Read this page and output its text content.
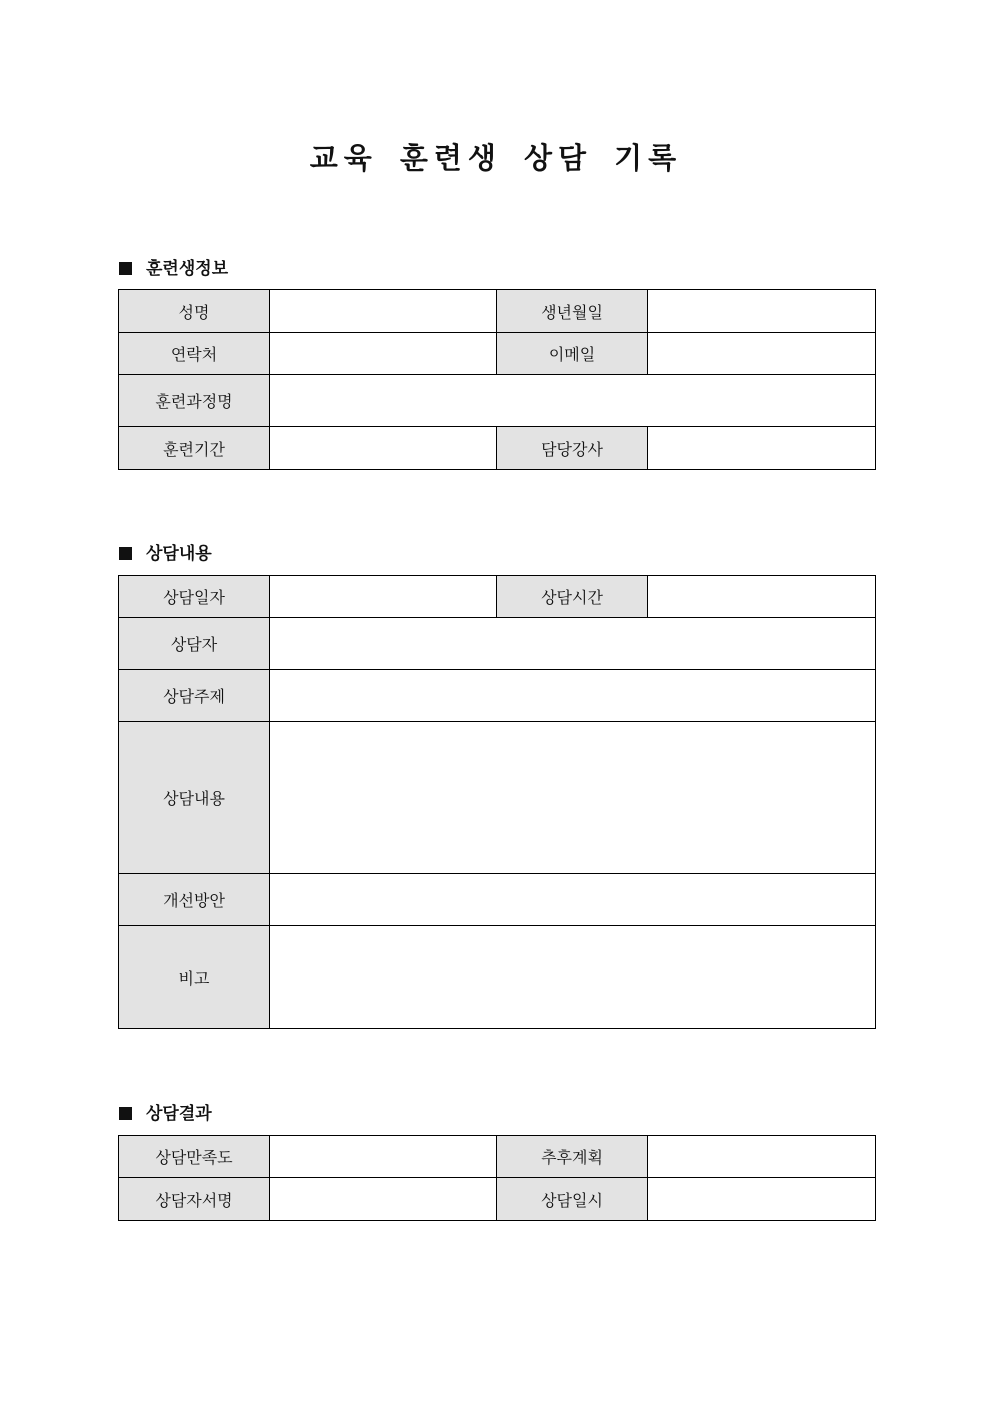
교육 훈련생 상담 기록
훈련생정보
성명		생년월일	
연락처		이메일	
훈련과정명			
훈련기간		담당강사	
상담내용
상담일자		상담시간	
상담자			
상담주제			
상담내용			
개선방안			
비고			
상담결과
상담만족도		추후계획	
상담자서명		상담일시	
